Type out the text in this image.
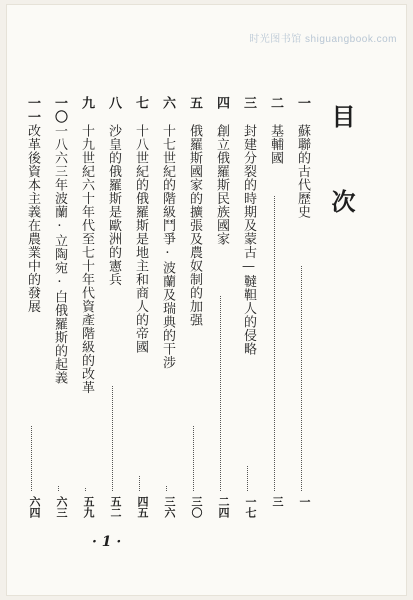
时光图书馆 shiguangbook.com
目 次
一
蘇聯的古代歷史
一
二
基輔國
三
三
封建分裂的時期及蒙古—韃靼人的侵略
一七
四
創立俄羅斯民族國家
二四
五
俄羅斯國家的擴張及農奴制的加强
三〇
六
十七世紀的階級鬥爭·波蘭及瑞典的干涉
三六
七
十八世紀的俄羅斯是地主和商人的帝國
四五
八
沙皇的俄羅斯是歐洲的憲兵
五二
九
十九世紀六十年代至七十年代資產階級的改革
五九
一〇
一八六三年波蘭·立陶宛·白俄羅斯的起義
六三
一一
改革後資本主義在農業中的發展
六四
· 1 ·
